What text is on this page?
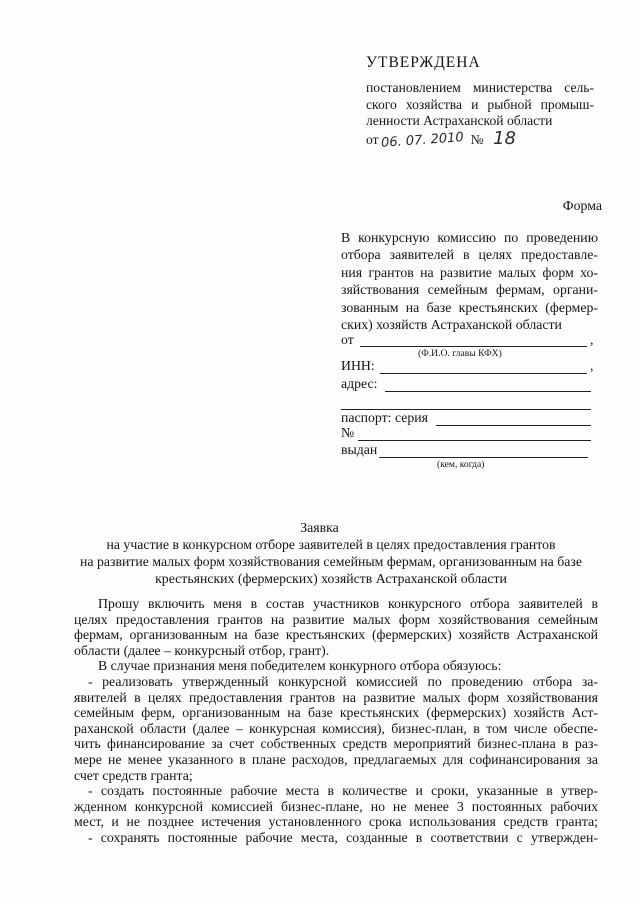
УТВЕРЖДЕНА
постановлением министерства сель-
ского хозяйства и рыбной промыш-
ленности Астраханской области
от 06. 07. 2010 № 18
Форма
В конкурсную комиссию по проведению
отбора заявителей в целях предоставле-
ния грантов на развитие малых форм хо-
зяйствования семейным фермам, органи-
зованным на базе крестьянских (фермер-
ских) хозяйств Астраханской области
от	,
(Ф.И.О. главы КФХ)
ИНН:	,
адрес:
паспорт: серия
№
выдан
(кем, когда)
Заявка
на участие в конкурсном отборе заявителей в целях предоставления грантов
на развитие малых форм хозяйствования семейным фермам, организованным на базе
крестьянских (фермерских) хозяйств Астраханской области
Прошу включить меня в состав участников конкурсного отбора заявителей в
целях предоставления грантов на развитие малых форм хозяйствования семейным
фермам, организованным на базе крестьянских (фермерских) хозяйств Астраханской
области (далее – конкурсный отбор, грант).
В случае признания меня победителем конкурного отбора обязуюсь:
- реализовать утвержденный конкурсной комиссией по проведению отбора за-
явителей в целях предоставления грантов на развитие малых форм хозяйствования
семейным ферм, организованным на базе крестьянских (фермерских) хозяйств Аст-
раханской области (далее – конкурсная комиссия), бизнес-план, в том числе обеспе-
чить финансирование за счет собственных средств мероприятий бизнес-плана в раз-
мере не менее указанного в плане расходов, предлагаемых для софинансирования за
счет средств гранта;
- создать постоянные рабочие места в количестве и сроки, указанные в утвер-
жденном конкурсной комиссией бизнес-плане, но не менее 3 постоянных рабочих
мест, и не позднее истечения установленного срока использования средств гранта;
- сохранять постоянные рабочие места, созданные в соответствии с утвержден-
